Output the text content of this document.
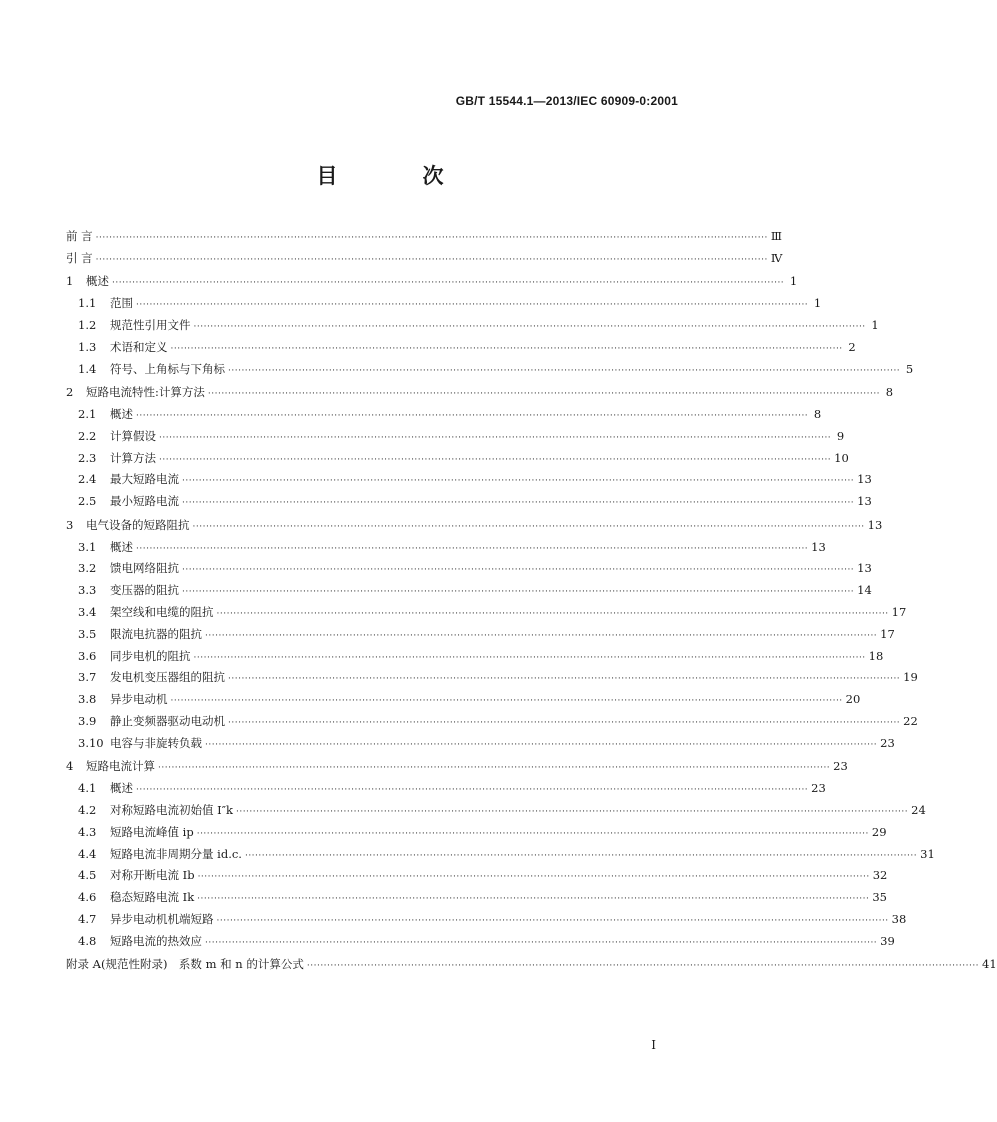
GB/T 15544.1—2013/IEC 60909-0:2001
目　次
前 言 ········································································································································································································ Ⅲ
引 言 ········································································································································································································ Ⅳ
1	概述 ········································································································································································································ 1
1.1	范围 ········································································································································································································ 1
1.2	规范性引用文件 ········································································································································································································ 1
1.3	术语和定义 ········································································································································································································ 2
1.4	符号、上角标与下角标 ········································································································································································································ 5
2	短路电流特性:计算方法 ········································································································································································································ 8
2.1	概述 ········································································································································································································ 8
2.2	计算假设 ········································································································································································································ 9
2.3	计算方法 ········································································································································································································ 10
2.4	最大短路电流 ········································································································································································································ 13
2.5	最小短路电流 ········································································································································································································ 13
3	电气设备的短路阻抗 ········································································································································································································ 13
3.1	概述 ········································································································································································································ 13
3.2	馈电网络阻抗 ········································································································································································································ 13
3.3	变压器的阻抗 ········································································································································································································ 14
3.4	架空线和电缆的阻抗 ········································································································································································································ 17
3.5	限流电抗器的阻抗 ········································································································································································································ 17
3.6	同步电机的阻抗 ········································································································································································································ 18
3.7	发电机变压器组的阻抗 ········································································································································································································ 19
3.8	异步电动机 ········································································································································································································ 20
3.9	静止变频器驱动电动机 ········································································································································································································ 22
3.10 电容与非旋转负载 ········································································································································································································ 23
4	短路电流计算 ········································································································································································································ 23
4.1	概述 ········································································································································································································ 23
4.2	对称短路电流初始值 I″k ········································································································································································································ 24
4.3	短路电流峰值 ip ········································································································································································································ 29
4.4	短路电流非周期分量 id.c. ········································································································································································································ 31
4.5	对称开断电流 Ib ········································································································································································································ 32
4.6	稳态短路电流 Ik ········································································································································································································ 35
4.7	异步电动机机端短路 ········································································································································································································ 38
4.8	短路电流的热效应 ········································································································································································································ 39
附录 A(规范性附录)　系数 m 和 n 的计算公式 ········································································································································································································ 41
I
